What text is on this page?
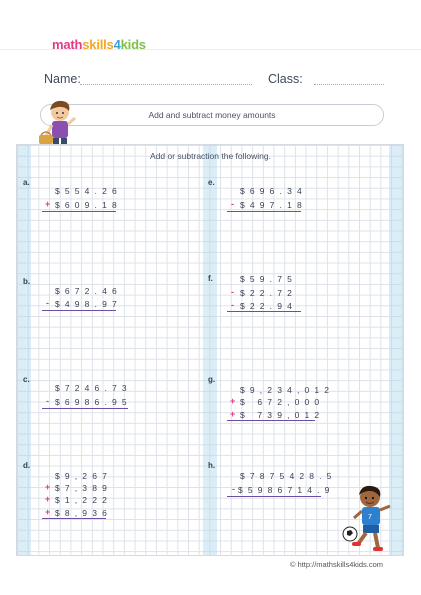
mathskills4kids
Name:	Class:
Add and subtract money amounts
Add or subtraction the following.
a.
$ 5 5 4 . 2 6
+ $ 6 0 9 . 1 8
b.
$ 6 7 2 . 4 6
- $ 4 9 8 . 9 7
c.
$ 7 2 4 6 . 7 3
- $ 6 9 8 6 . 9 5
d.
$ 9 , 2 6 7
+ $ 7 , 3 8 9
+ $ 1 , 2 2 2
+ $ 8 , 9 3 6
e.
$ 6 9 6 . 3 4
- $ 4 9 7 . 1 8
f.	$ 5 9 . 7 5
- $ 2 2 . 7 2
- $ 2 2 . 9 4
g.
$ 9 , 2 3 4 , 0 1 2
+ $   6 7 2 , 0 0 0
+ $   7 3 9 , 0 1 2
h.
$ 7 8 7 5 4 2 8 . 5
- $ 5 9 8 6 7 1 4 . 9
7
© http://mathskills4kids.com
